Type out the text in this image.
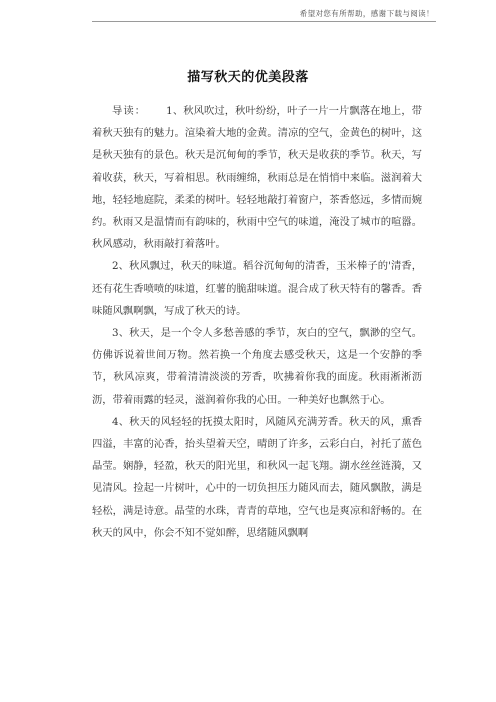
希望对您有所帮助，感谢下载与阅读！
描写秋天的优美段落

导读： 1、秋风吹过，秋叶纷纷，叶子一片一片飘落在地上，带着秋天独有的魅力。渲染着大地的金黄。清凉的空气，金黄色的树叶，这是秋天独有的景色。秋天是沉甸甸的季节，秋天是收获的季节。秋天，写着收获，秋天，写着相思。秋雨缠绵，秋雨总是在悄悄中来临。滋润着大地，轻轻地庭院，柔柔的树叶。轻轻地敲打着窗户，茶香悠远，多情而婉约。秋雨又是温情而有韵味的，秋雨中空气的味道，淹没了城市的喧嚣。秋风感动，秋雨敲打着落叶。

2、秋风飘过，秋天的味道。稻谷沉甸甸的清香，玉米棒子的'清香，还有花生香喷喷的味道，红薯的脆甜味道。混合成了秋天特有的馨香。香味随风飘啊飘，写成了秋天的诗。

3、秋天，是一个令人多愁善感的季节，灰白的空气，飘渺的空气。仿佛诉说着世间万物。然若换一个角度去感受秋天，这是一个安静的季节，秋风凉爽，带着清清淡淡的芳香，吹拂着你我的面庞。秋雨淅淅沥沥，带着雨露的轻灵，滋润着你我的心田。一种美好也飘然于心。

4、秋天的风轻轻的抚摸太阳时，风随风充满芳香。秋天的风，熏香四溢，丰富的沁香，抬头望着天空，晴朗了许多，云彩白白，衬托了蓝色晶莹。娴静，轻盈，秋天的阳光里，和秋风一起飞翔。湖水丝丝涟漪，又见清风。捡起一片树叶，心中的一切负担压力随风而去，随风飘散，满是轻松，满是诗意。晶莹的水珠，青青的草地，空气也是爽凉和舒畅的。在秋天的风中，你会不知不觉如醉，思绪随风飘啊
